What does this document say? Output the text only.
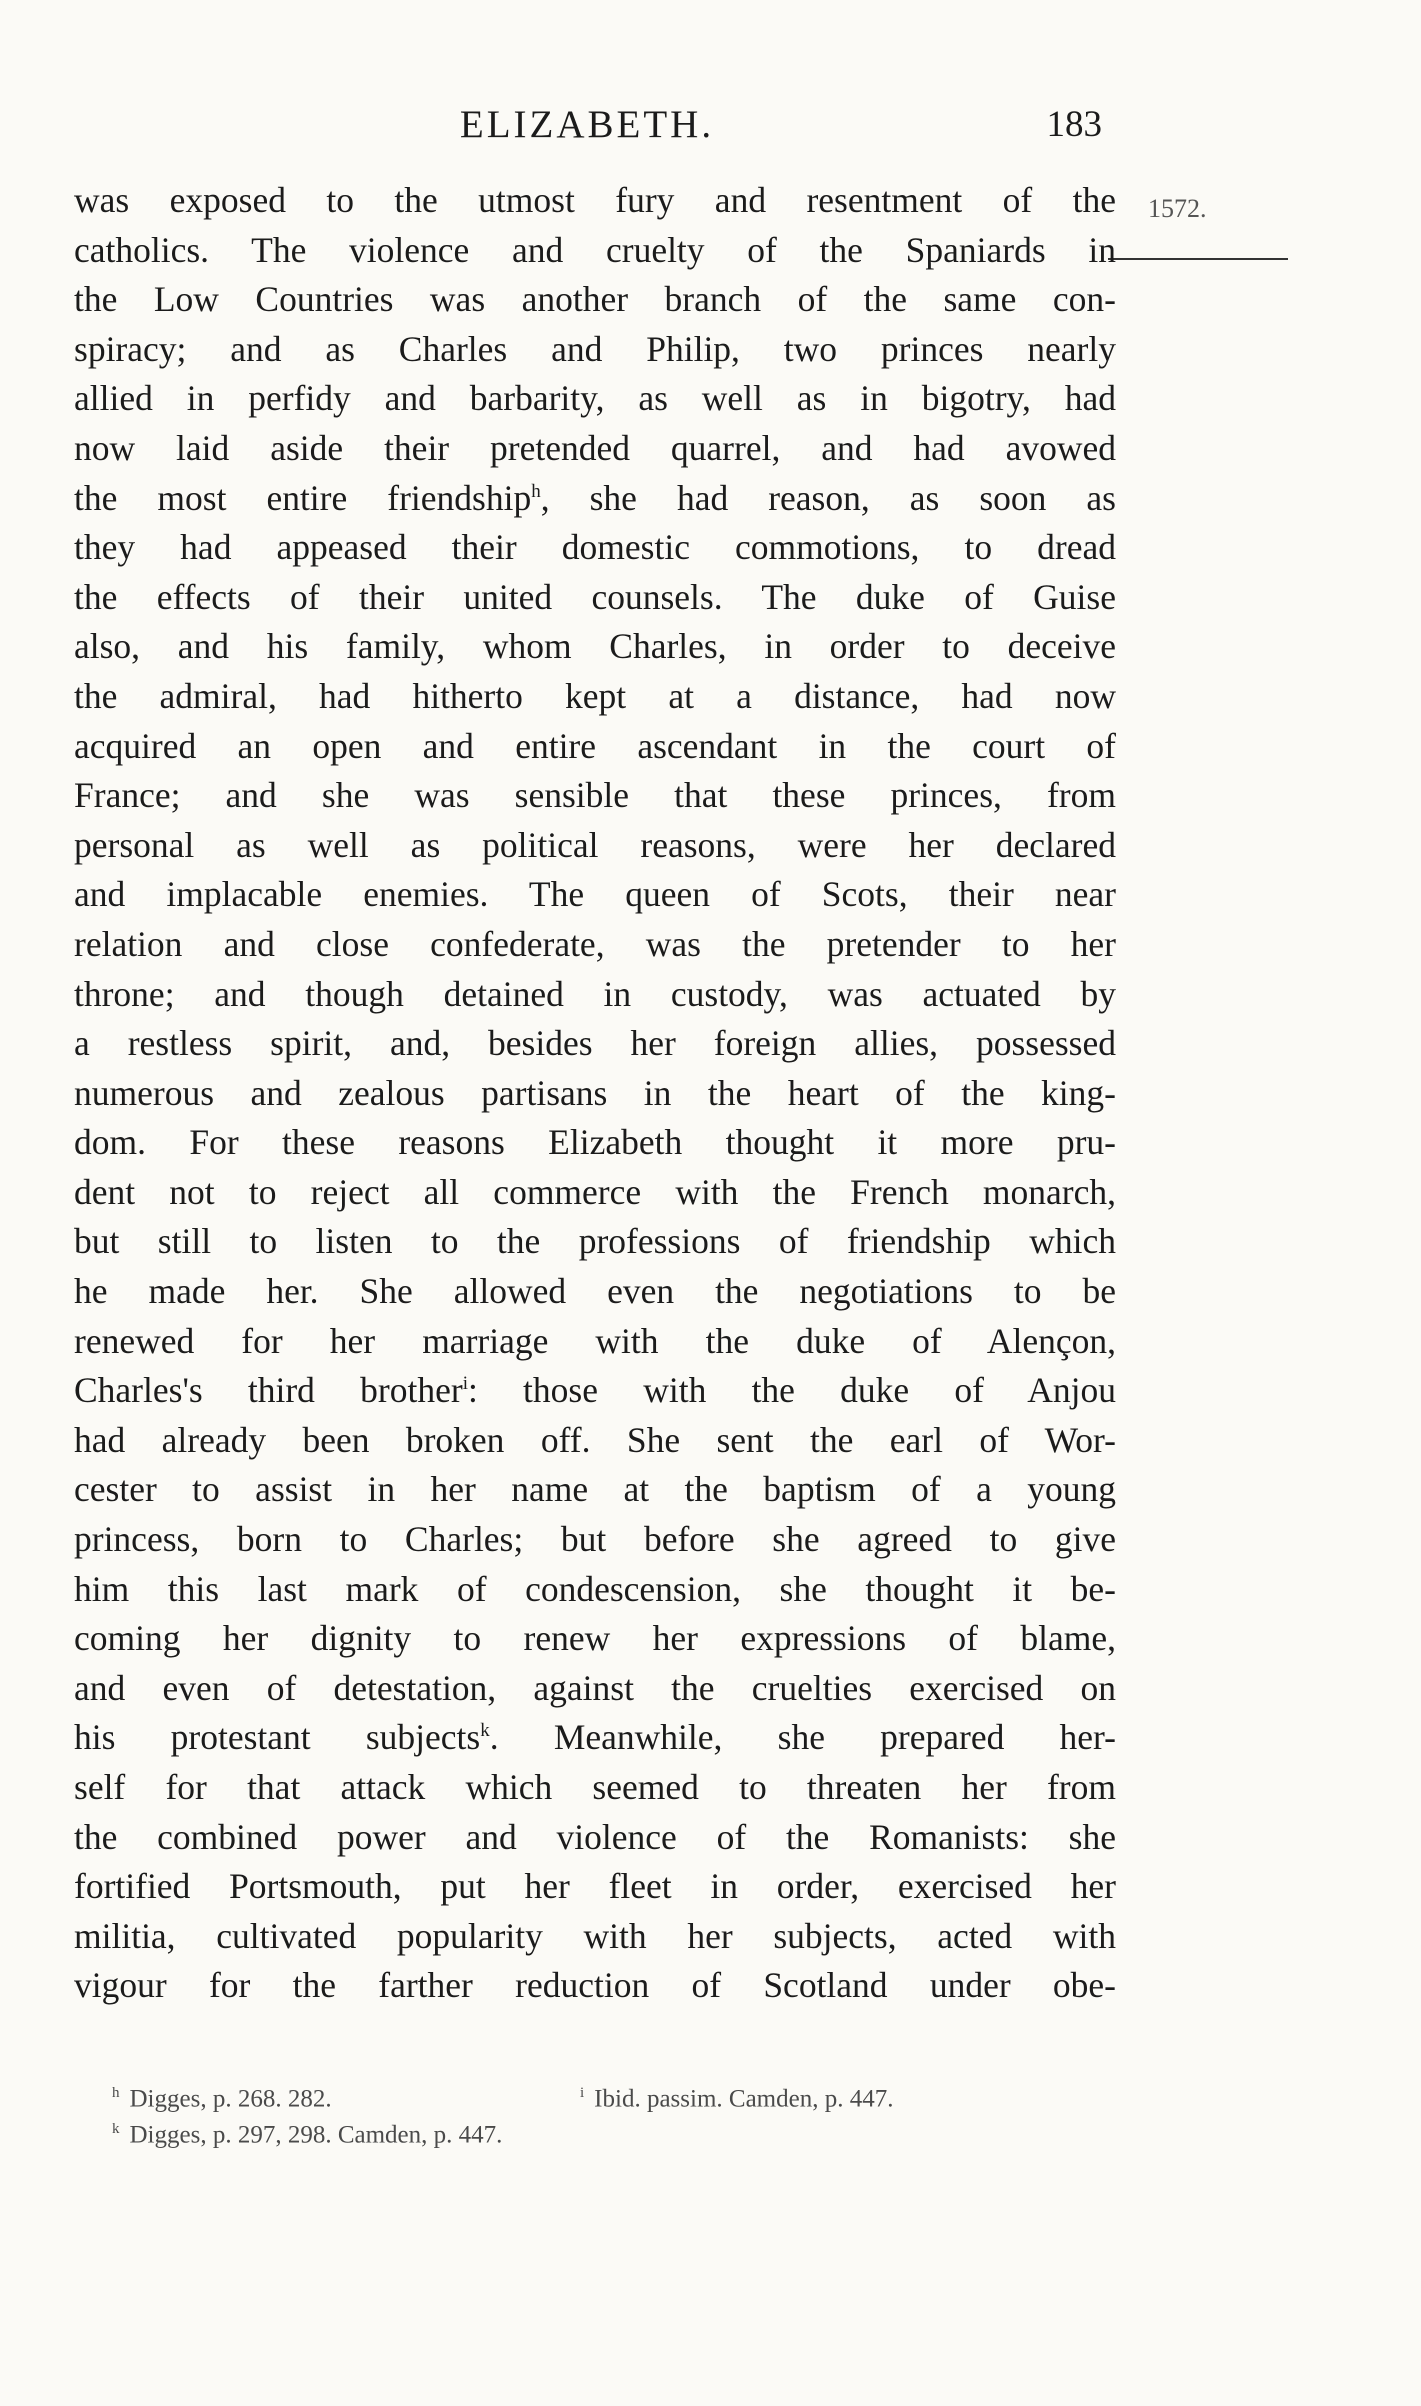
ELIZABETH.	183
1572.
was exposed to the utmost fury and resentment of the
catholics. The violence and cruelty of the Spaniards in
the Low Countries was another branch of the same con-
spiracy; and as Charles and Philip, two princes nearly
allied in perfidy and barbarity, as well as in bigotry, had
now laid aside their pretended quarrel, and had avowed
the most entire friendship$^h$, she had reason, as soon as
they had appeased their domestic commotions, to dread
the effects of their united counsels. The duke of Guise
also, and his family, whom Charles, in order to deceive
the admiral, had hitherto kept at a distance, had now
acquired an open and entire ascendant in the court of
France; and she was sensible that these princes, from
personal as well as political reasons, were her declared
and implacable enemies. The queen of Scots, their near
relation and close confederate, was the pretender to her
throne; and though detained in custody, was actuated by
a restless spirit, and, besides her foreign allies, possessed
numerous and zealous partisans in the heart of the king-
dom. For these reasons Elizabeth thought it more pru-
dent not to reject all commerce with the French monarch,
but still to listen to the professions of friendship which
he made her. She allowed even the negotiations to be
renewed for her marriage with the duke of Alençon,
Charles's third brother$^i$: those with the duke of Anjou
had already been broken off. She sent the earl of Wor-
cester to assist in her name at the baptism of a young
princess, born to Charles; but before she agreed to give
him this last mark of condescension, she thought it be-
coming her dignity to renew her expressions of blame,
and even of detestation, against the cruelties exercised on
his protestant subjects$^k$. Meanwhile, she prepared her-
self for that attack which seemed to threaten her from
the combined power and violence of the Romanists: she
fortified Portsmouth, put her fleet in order, exercised her
militia, cultivated popularity with her subjects, acted with
vigour for the farther reduction of Scotland under obe-
$^h$ Digges, p. 268. 282.	$^i$ Ibid. passim. Camden, p. 447.
$^k$ Digges, p. 297, 298. Camden, p. 447.
